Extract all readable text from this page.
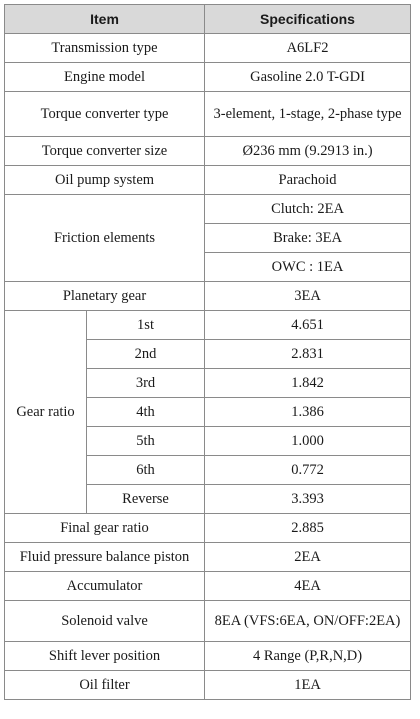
Item		Specifications
Transmission type		A6LF2
Engine model		Gasoline 2.0 T-GDI
Torque converter type		3-element, 1-stage, 2-phase type
Torque converter size		Ø236 mm (9.2913 in.)
Oil pump system		Parachoid
Friction elements		Clutch: 2EA
		Brake: 3EA
		OWC : 1EA
Planetary gear		3EA
Gear ratio	1st	4.651
	2nd	2.831
	3rd	1.842
	4th	1.386
	5th	1.000
	6th	0.772
	Reverse	3.393
Final gear ratio		2.885
Fluid pressure balance piston		2EA
Accumulator		4EA
Solenoid valve		8EA (VFS:6EA, ON/OFF:2EA)
Shift lever position		4 Range (P,R,N,D)
Oil filter		1EA
